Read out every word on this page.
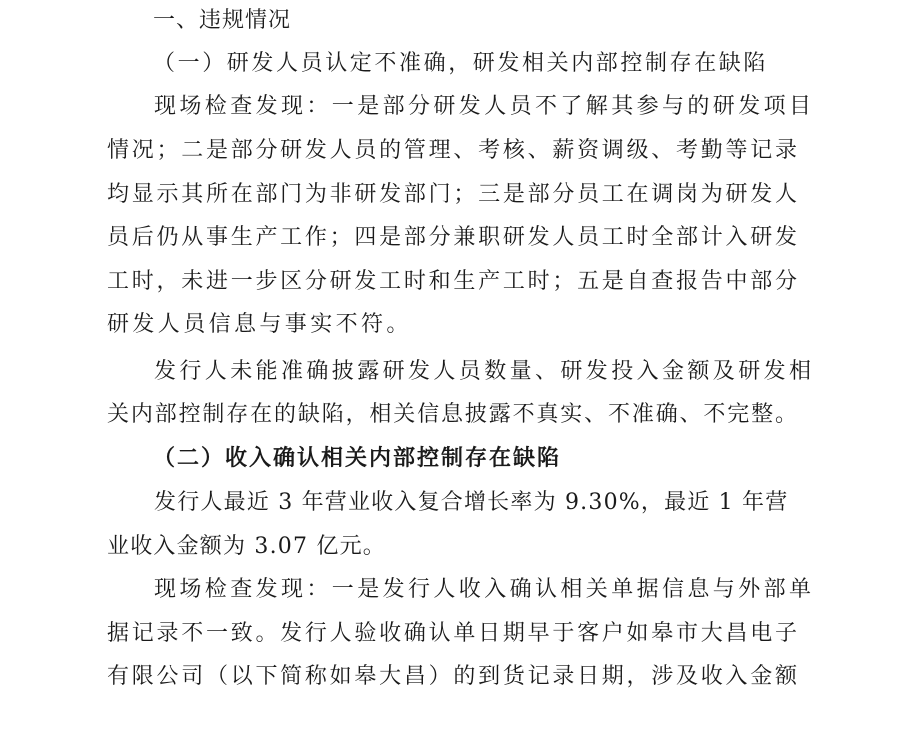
一、违规情况
（一）研发人员认定不准确，研发相关内部控制存在缺陷
现场检查发现：一是部分研发人员不了解其参与的研发项目
情况；二是部分研发人员的管理、考核、薪资调级、考勤等记录
均显示其所在部门为非研发部门；三是部分员工在调岗为研发人
员后仍从事生产工作；四是部分兼职研发人员工时全部计入研发
工时，未进一步区分研发工时和生产工时；五是自查报告中部分
研发人员信息与事实不符。
发行人未能准确披露研发人员数量、研发投入金额及研发相
关内部控制存在的缺陷，相关信息披露不真实、不准确、不完整。
（二）收入确认相关内部控制存在缺陷
发行人最近 3 年营业收入复合增长率为 9.30%，最近 1 年营
业收入金额为 3.07 亿元。
现场检查发现：一是发行人收入确认相关单据信息与外部单
据记录不一致。发行人验收确认单日期早于客户如皋市大昌电子
有限公司（以下简称如皋大昌）的到货记录日期，涉及收入金额
